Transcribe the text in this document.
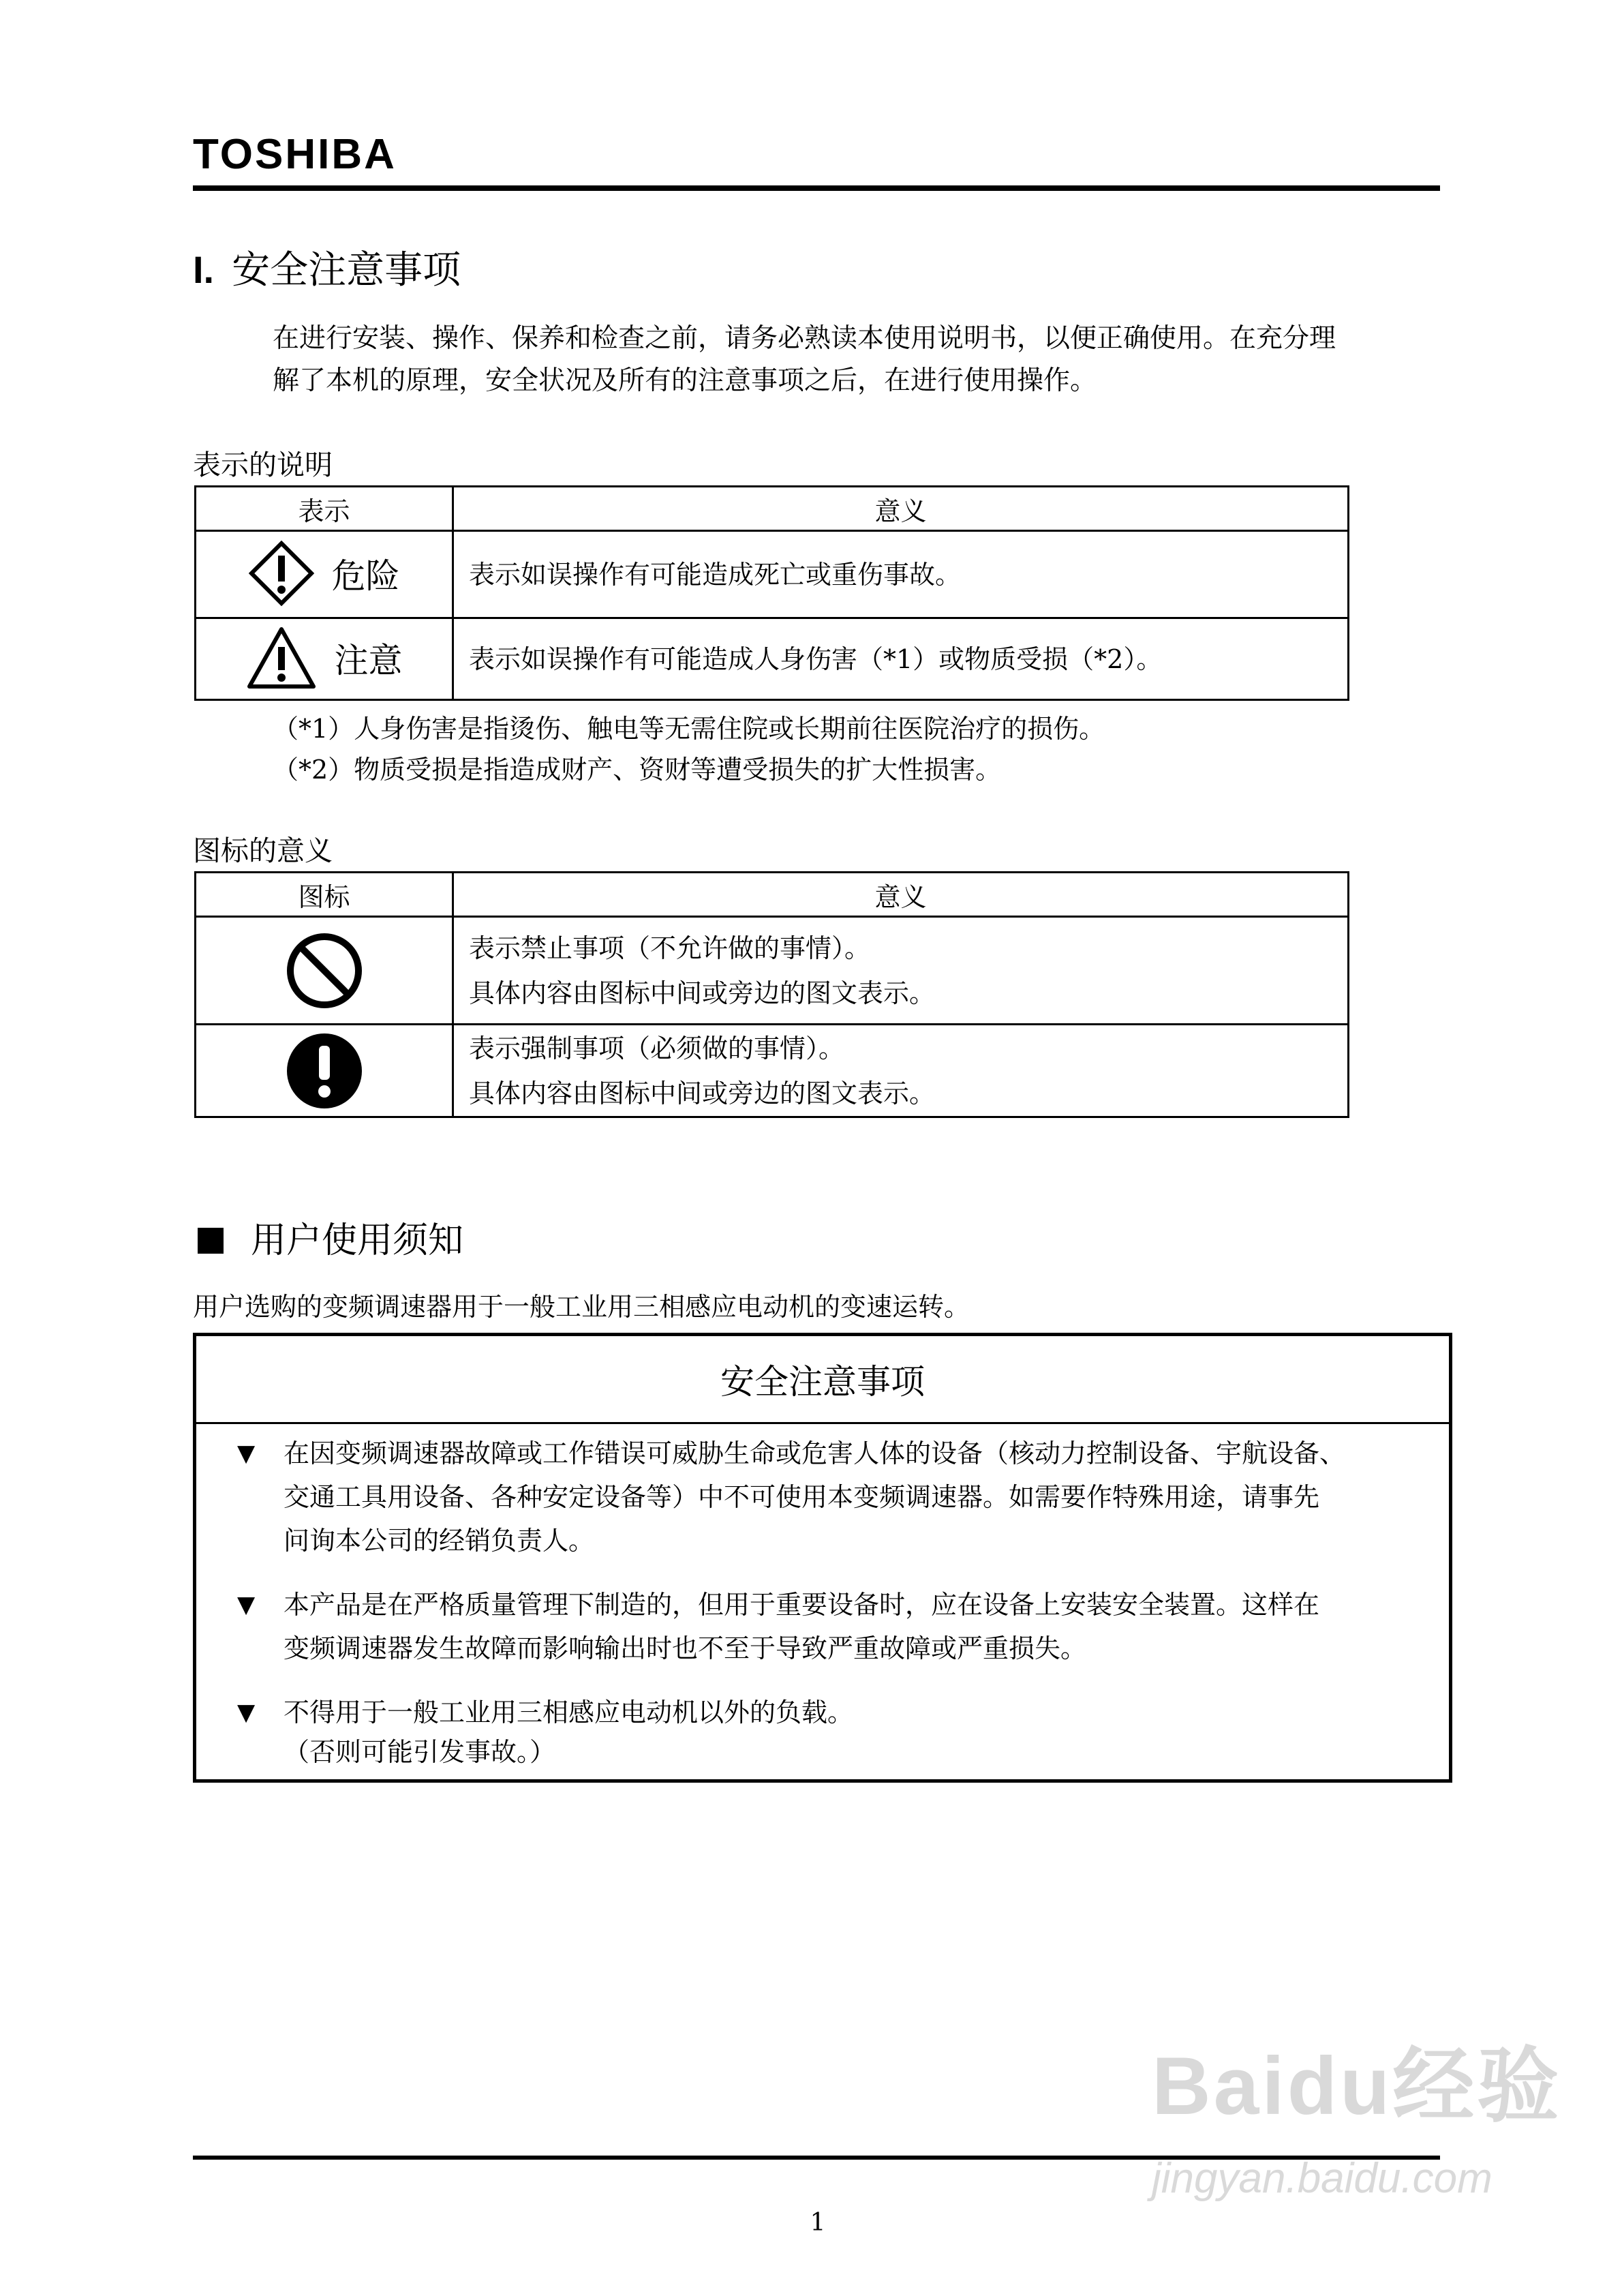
TOSHIBA
I. 安全注意事项
在进行安装、操作、保养和检查之前，请务必熟读本使用说明书，以便正确使用。在充分理
解了本机的原理，安全状况及所有的注意事项之后，在进行使用操作。
表示的说明
表示	意义

危险	表示如误操作有可能造成死亡或重伤事故。

注意	表示如误操作有可能造成人身伤害（*1）或物质受损（*2）。
（*1）人身伤害是指烫伤、触电等无需住院或长期前往医院治疗的损伤。
（*2）物质受损是指造成财产、资财等遭受损失的扩大性损害。
图标的意义
图标	意义

表示禁止事项（不允许做的事情）。
具体内容由图标中间或旁边的图文表示。

表示强制事项（必须做的事情）。
具体内容由图标中间或旁边的图文表示。
用户使用须知
用户选购的变频调速器用于一般工业用三相感应电动机的变速运转。
安全注意事项
▼ 在因变频调速器故障或工作错误可威胁生命或危害人体的设备（核动力控制设备、宇航设备、
交通工具用设备、各种安定设备等）中不可使用本变频调速器。如需要作特殊用途，请事先
问询本公司的经销负责人。
▼ 本产品是在严格质量管理下制造的，但用于重要设备时，应在设备上安装安全装置。这样在
变频调速器发生故障而影响输出时也不至于导致严重故障或严重损失。
▼ 不得用于一般工业用三相感应电动机以外的负载。
（否则可能引发事故。）
1
Baidu经验
jingyan.baidu.com
